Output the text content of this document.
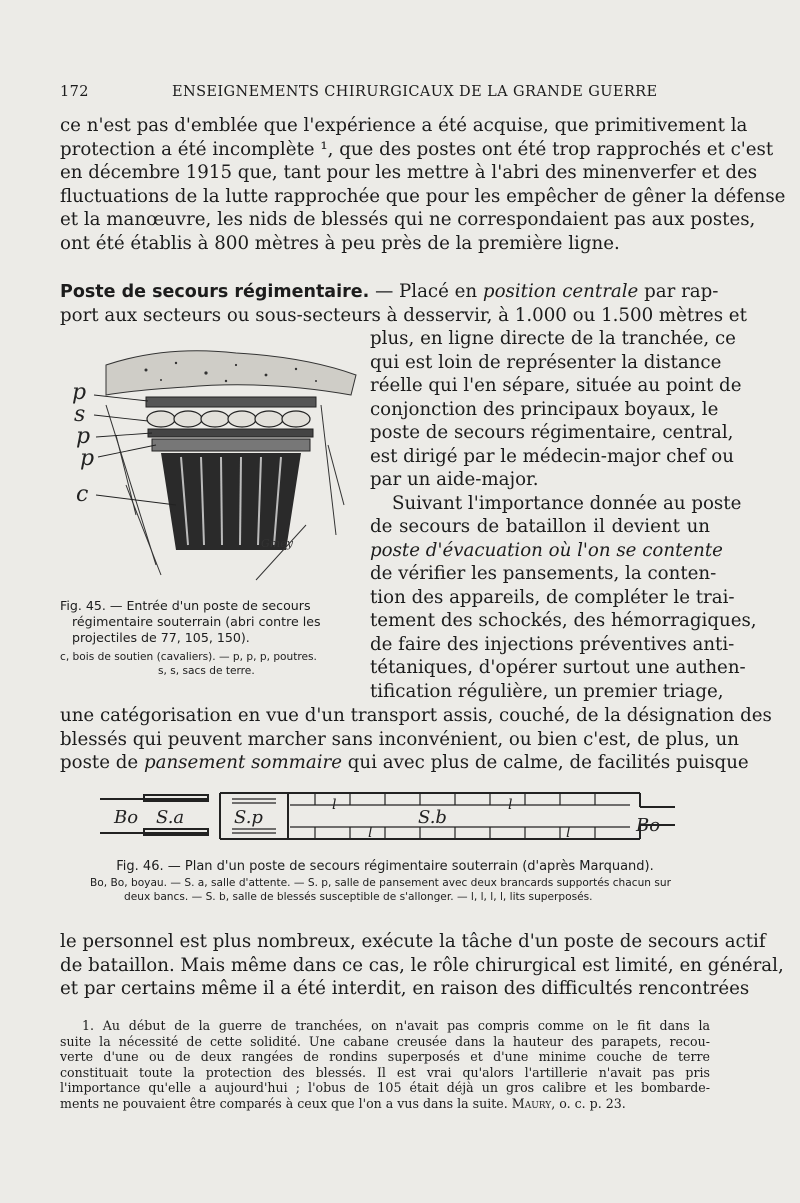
172	ENSEIGNEMENTS CHIRURGICAUX DE LA GRANDE GUERRE
ce n'est pas d'emblée que l'expérience a été acquise, que primitivement la
protection a été incomplète ¹, que des postes ont été trop rapprochés et c'est
en décembre 1915 que, tant pour les mettre à l'abri des minenverfer et des
fluctuations de la lutte rapprochée que pour les empêcher de gêner la défense
et la manœuvre, les nids de blessés qui ne correspondaient pas aux postes,
ont été établis à 800 mètres à peu près de la première ligne.
Poste de secours régimentaire. — Placé en position centrale par rap-
port aux secteurs ou sous-secteurs à desservir, à 1.000 ou 1.500 mètres et
plus, en ligne directe de la tranchée, ce
qui est loin de représenter la distance
réelle qui l'en sépare, située au point de
conjonction des principaux boyaux, le
poste de secours régimentaire, central,
est dirigé par le médecin-major chef ou
par un aide-major.
Suivant l'importance donnée au poste
de secours de bataillon il devient un
poste d'évacuation où l'on se contente
de vérifier les pansements, la conten-
tion des appareils, de compléter le trai-
tement des schockés, des hémorragiques,
de faire des injections préventives anti-
tétaniques, d'opérer surtout une authen-
tification régulière, un premier triage,
p
s
p
p
c
Gmey
Fig. 45. — Entrée d'un poste de secours
régimentaire souterrain (abri contre les
projectiles de 77, 105, 150).
c, bois de soutien (cavaliers). — p, p, p, poutres.
s, s, sacs de terre.
une catégorisation en vue d'un transport assis, couché, de la désignation des
blessés qui peuvent marcher sans inconvénient, ou bien c'est, de plus, un
poste de pansement sommaire qui avec plus de calme, de facilités puisque
Bo S.a	S.p	S.b	Bo
l
l
l
l
Fig. 46. — Plan d'un poste de secours régimentaire souterrain (d'après Marquand).
Bo, Bo, boyau. — S. a, salle d'attente. — S. p, salle de pansement avec deux brancards supportés chacun sur
deux bancs. — S. b, salle de blessés susceptible de s'allonger. — l, l, l, l, lits superposés.
le personnel est plus nombreux, exécute la tâche d'un poste de secours actif
de bataillon. Mais même dans ce cas, le rôle chirurgical est limité, en général,
et par certains même il a été interdit, en raison des difficultés rencontrées
1. Au début de la guerre de tranchées, on n'avait pas compris comme on le fit dans la
suite la nécessité de cette solidité. Une cabane creusée dans la hauteur des parapets, recou-
verte d'une ou de deux rangées de rondins superposés et d'une minime couche de terre
constituait toute la protection des blessés. Il est vrai qu'alors l'artillerie n'avait pas pris
l'importance qu'elle a aujourd'hui ; l'obus de 105 était déjà un gros calibre et les bombarde-
ments ne pouvaient être comparés à ceux que l'on a vus dans la suite. Maury, o. c. p. 23.
